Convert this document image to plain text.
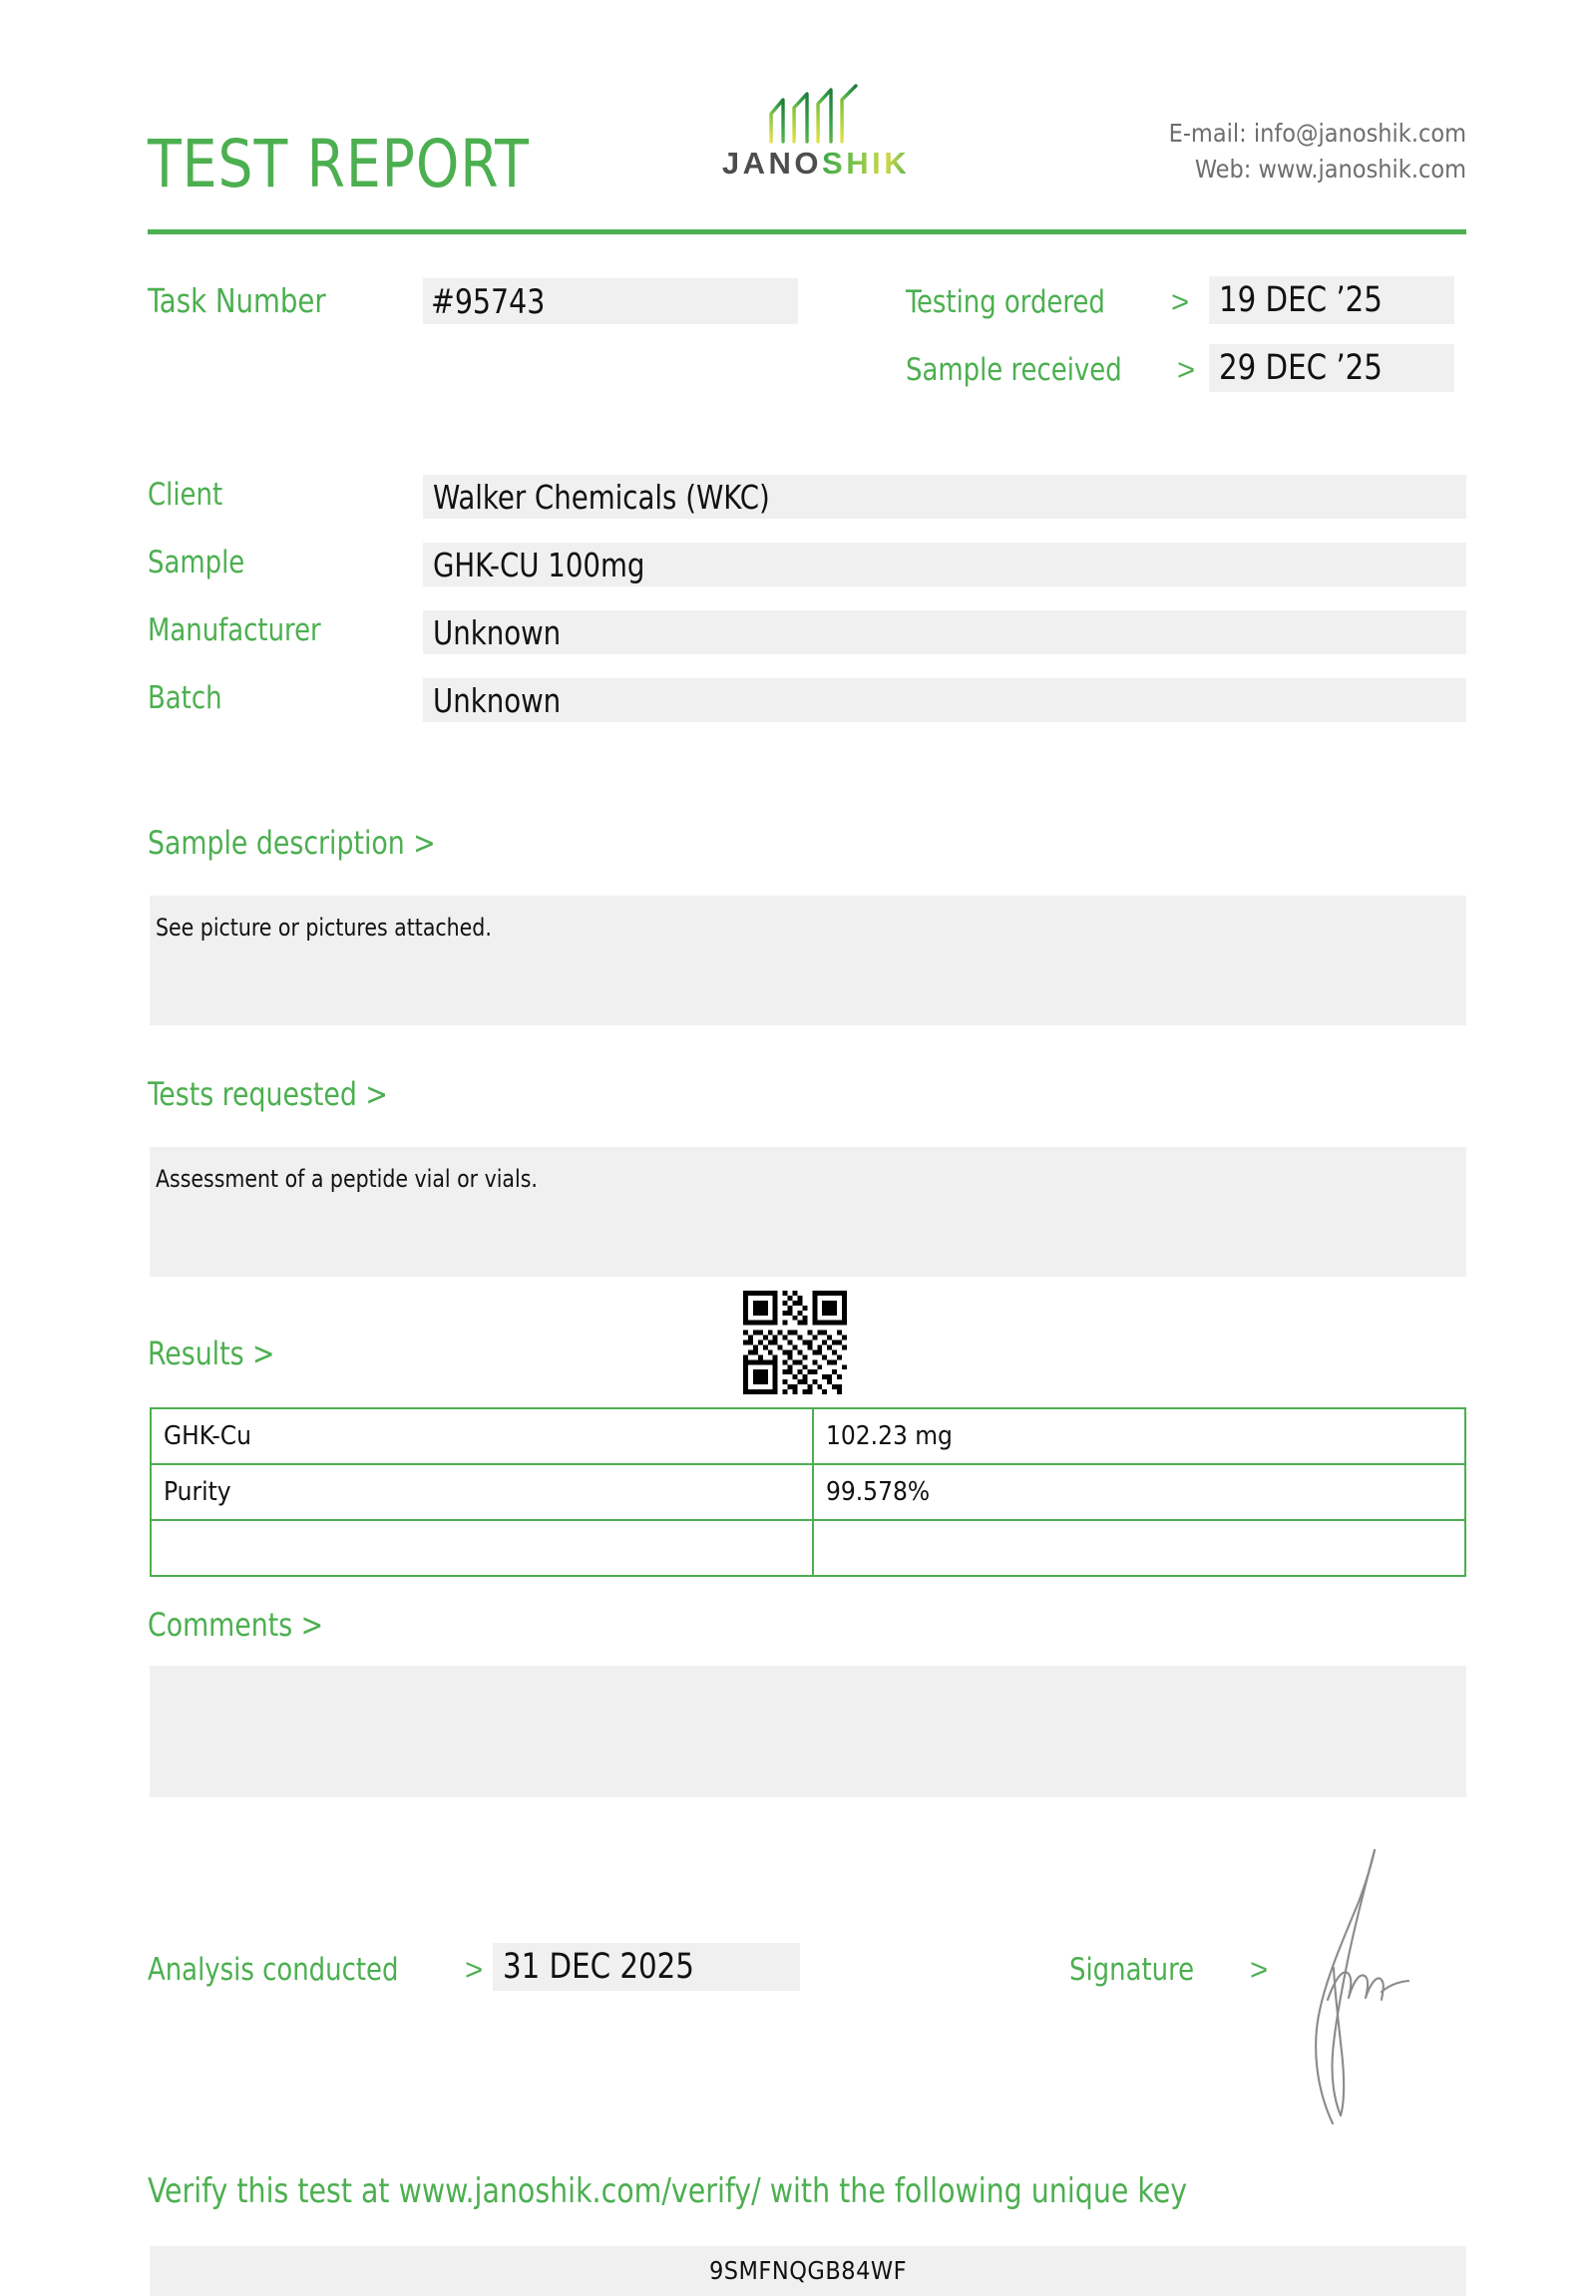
TEST REPORT	JANOSHIK
E-mail: info@janoshik.com
Web: www.janoshik.com
Task Number	#95743	Testing ordered > 19 DEC ’25
Sample received > 29 DEC ’25
Client	Walker Chemicals (WKC)
Sample	GHK-CU 100mg
Manufacturer	Unknown
Batch	Unknown
Sample description >
See picture or pictures attached.
Tests requested >
Assessment of a peptide vial or vials.
Results >
GHK-Cu	102.23 mg
Purity	99.578%

Comments >
Analysis conducted > 31 DEC 2025	Signature >
Verify this test at www.janoshik.com/verify/ with the following unique key
9SMFNQGB84WF
